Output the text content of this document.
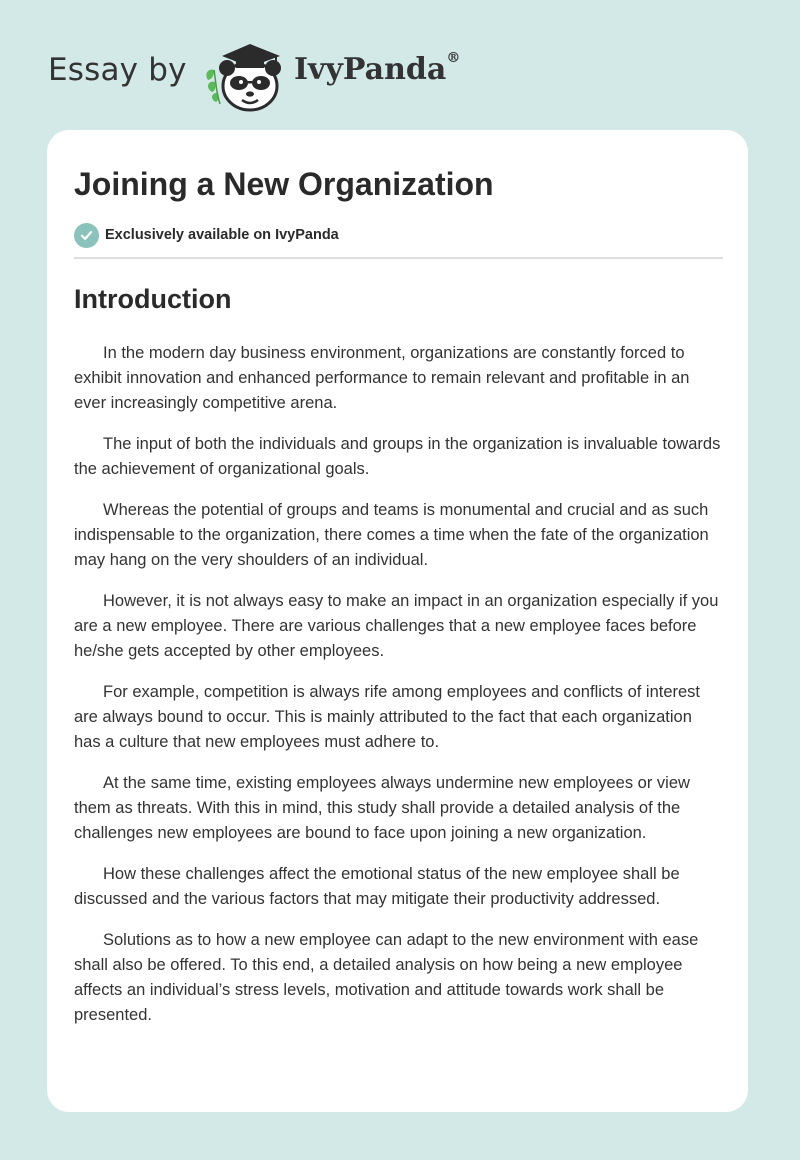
Essay by	IvyPanda®
Joining a New Organization
Exclusively available on IvyPanda
Introduction

In the modern day business environment, organizations are constantly forced to exhibit innovation and enhanced performance to remain relevant and profitable in an ever increasingly competitive arena.

The input of both the individuals and groups in the organization is invaluable towards the achievement of organizational goals.

Whereas the potential of groups and teams is monumental and crucial and as such indispensable to the organization, there comes a time when the fate of the organization may hang on the very shoulders of an individual.

However, it is not always easy to make an impact in an organization especially if you are a new employee. There are various challenges that a new employee faces before he/she gets accepted by other employees.

For example, competition is always rife among employees and conflicts of interest are always bound to occur. This is mainly attributed to the fact that each organization has a culture that new employees must adhere to.

At the same time, existing employees always undermine new employees or view them as threats. With this in mind, this study shall provide a detailed analysis of the challenges new employees are bound to face upon joining a new organization.

How these challenges affect the emotional status of the new employee shall be discussed and the various factors that may mitigate their productivity addressed.

Solutions as to how a new employee can adapt to the new environment with ease shall also be offered. To this end, a detailed analysis on how being a new employee affects an individual’s stress levels, motivation and attitude towards work shall be presented.
